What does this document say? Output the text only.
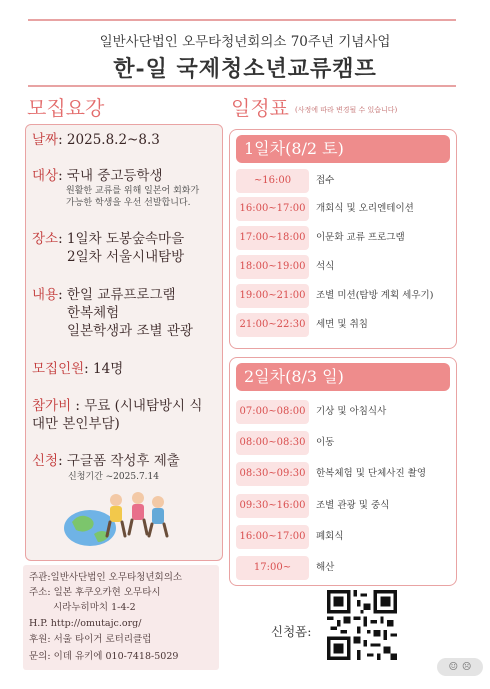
일반사단법인 오무타청년회의소 70주년 기념사업
한-일 국제청소년교류캠프
모집요강	일정표 (사정에 따라 변경될 수 있습니다)
날짜: 2025.8.2~8.3
대상: 국내 중고등학생
원활한 교류를 위해 일본어 회화가
가능한 학생을 우선 선발합니다.
장소: 1일차 도봉숲속마을
2일차 서울시내탐방
내용: 한일 교류프로그램
한복체험
일본학생과 조별 관광
모집인원: 14명
참가비 : 무료 (시내탐방시 식
대만 본인부담)
신청: 구글폼 작성후 제출
신청기간 ~2025.7.14
1일차(8/2 토)
~16:00	접수
16:00~17:00	개회식 및 오리엔테이션
17:00~18:00	이문화 교류 프로그램
18:00~19:00	석식
19:00~21:00	조별 미션(탐방 계획 세우기)
21:00~22:30	세면 및 취침
2일차(8/3 일)
07:00~08:00	기상 및 아침식사
08:00~08:30	이동
08:30~09:30	한복체험 및 단체사진 촬영
09:30~16:00	조별 관광 및 중식
16:00~17:00	폐회식
17:00~	해산
주관:일반사단법인 오무타청년회의소
주소: 일본 후쿠오카현 오무타시
시라누히마치 1-4-2
H.P. http://omutajc.org/
후원: 서울 타이거 로터리클럽
문의: 이데 유키에 010-7418-5029
신청폼:
☺ ☹
